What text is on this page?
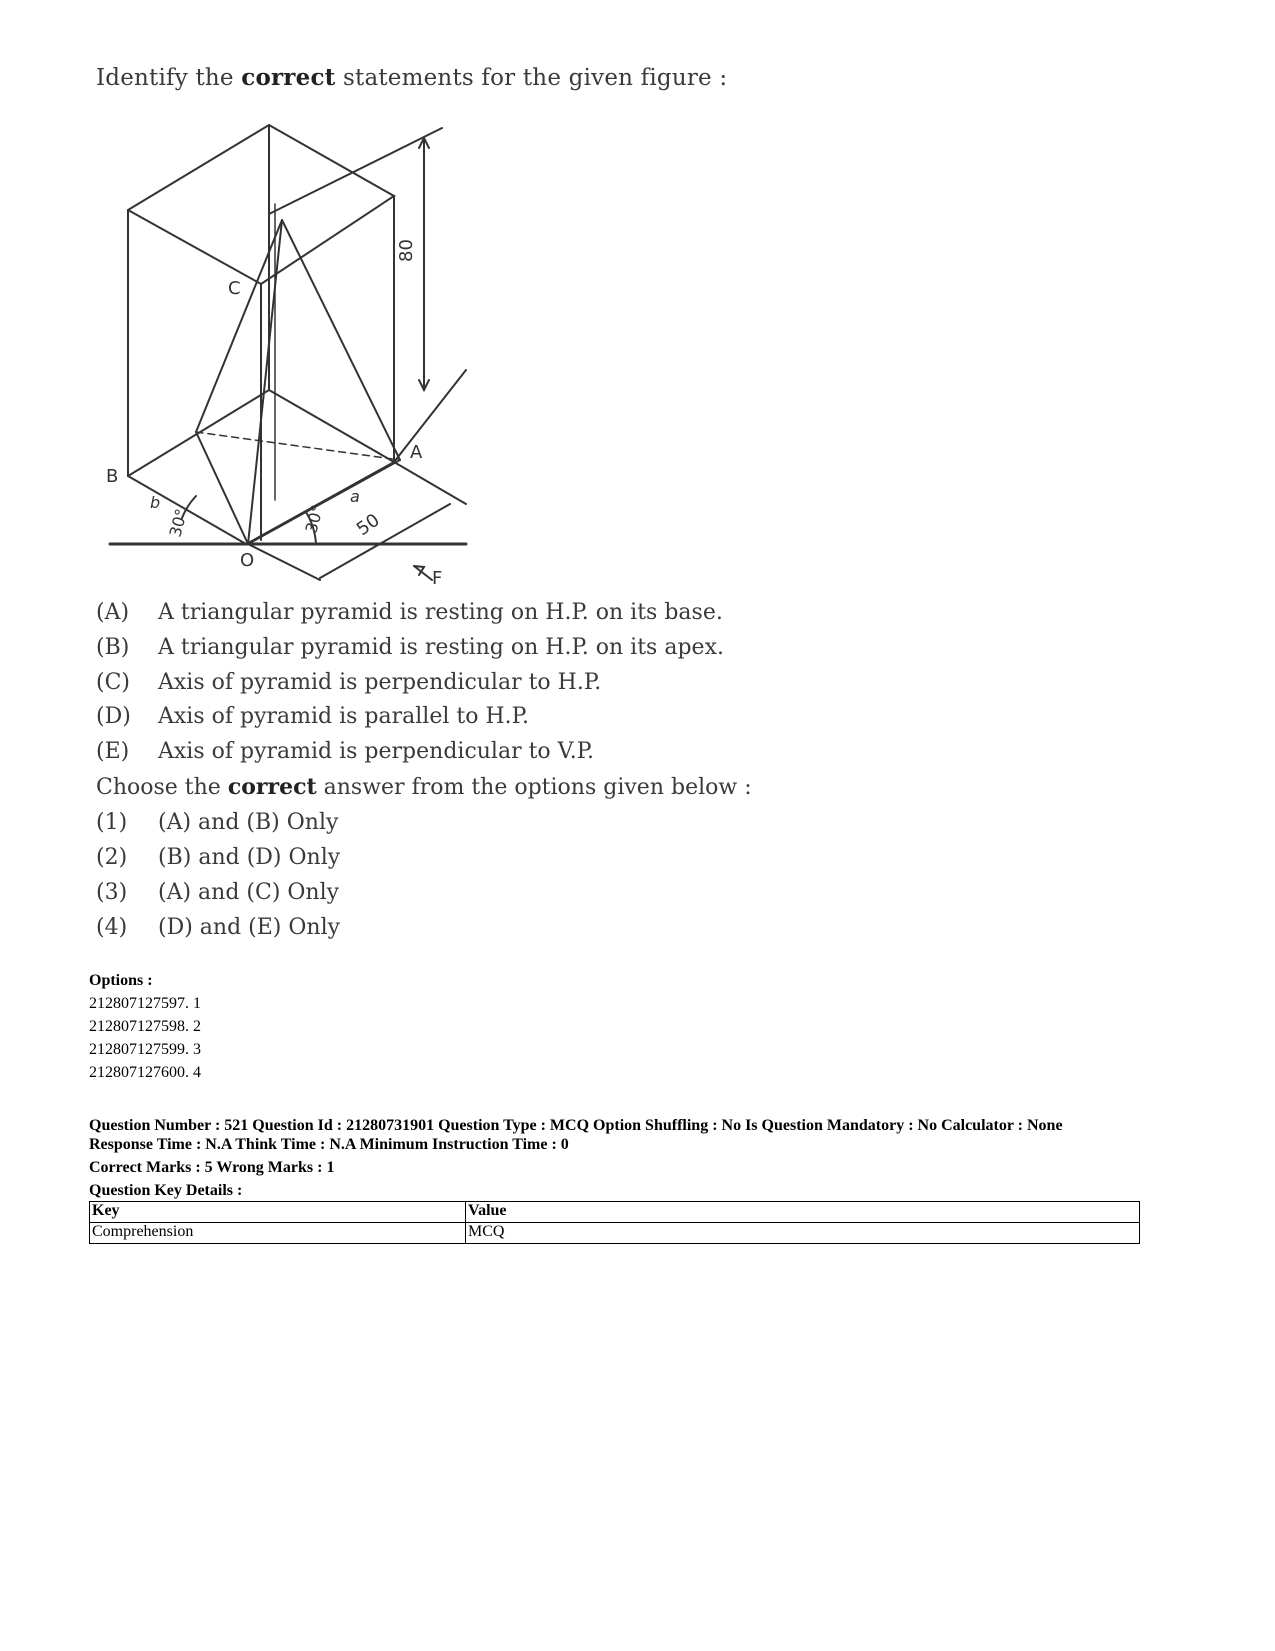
Identify the correct statements for the given figure :
C
B
A
O
F
80
50
30°	30°
b	a
(A) A triangular pyramid is resting on H.P. on its base.
(B) A triangular pyramid is resting on H.P. on its apex.
(C) Axis of pyramid is perpendicular to H.P.
(D) Axis of pyramid is parallel to H.P.
(E) Axis of pyramid is perpendicular to V.P.
Choose the correct answer from the options given below :
(1) (A) and (B) Only
(2) (B) and (D) Only
(3) (A) and (C) Only
(4) (D) and (E) Only
Options :
212807127597. 1
212807127598. 2
212807127599. 3
212807127600. 4
Question Number : 521 Question Id : 21280731901 Question Type : MCQ Option Shuffling : No Is Question Mandatory : No Calculator : None
Response Time : N.A Think Time : N.A Minimum Instruction Time : 0
Correct Marks : 5 Wrong Marks : 1
Question Key Details :
Key	Value
Comprehension	MCQ
